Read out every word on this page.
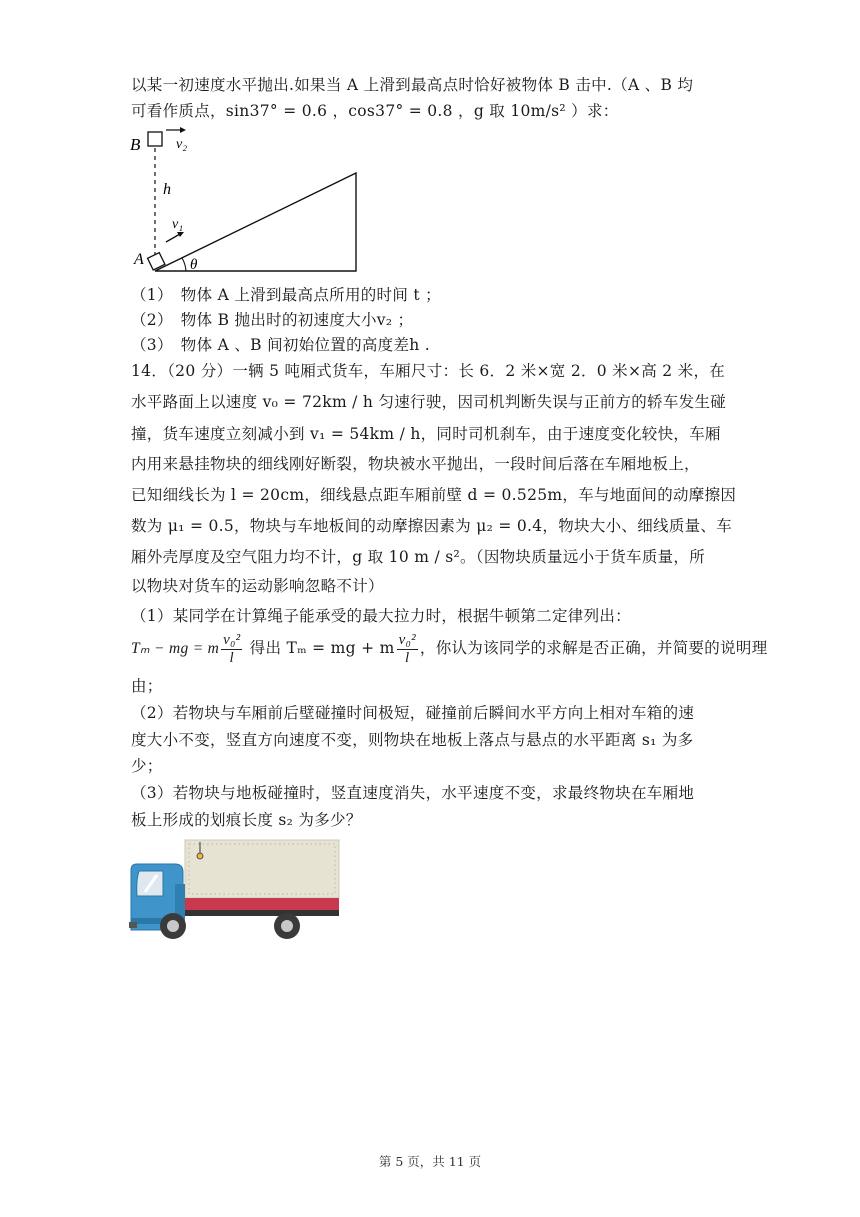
以某一初速度水平抛出.如果当 A 上滑到最高点时恰好被物体 B 击中.（A 、B 均
可看作质点，sin37° = 0.6 ，cos37° = 0.8 ，g 取 10m/s² ）求：
B	v₂
h
v₁
A	θ
（1）　物体 A 上滑到最高点所用的时间 t ；
（2）　物体 B 抛出时的初速度大小v₂ ；
（3）　物体 A 、B 间初始位置的高度差h .
14．（20 分）一辆 5 吨厢式货车，车厢尺寸：长 6．2 米×宽 2．0 米×高 2 米，在
水平路面上以速度 v₀ = 72km / h 匀速行驶，因司机判断失误与正前方的轿车发生碰
撞，货车速度立刻减小到 v₁ = 54km / h，同时司机刹车，由于速度变化较快，车厢
内用来悬挂物块的细线刚好断裂，物块被水平抛出，一段时间后落在车厢地板上，
已知细线长为 l = 20cm，细线悬点距车厢前壁 d = 0.525m，车与地面间的动摩擦因
数为 μ₁ = 0.5，物块与车地板间的动摩擦因素为 μ₂ = 0.4，物块大小、细线质量、车
厢外壳厚度及空气阻力均不计，g 取 10 m / s²。（因物块质量远小于货车质量，所
以物块对货车的运动影响忽略不计）
（1）某同学在计算绳子能承受的最大拉力时，根据牛顿第二定律列出：
Tₘ − mg = m $\frac{\text{v₀²}}{l}$ 得出 Tₘ = mg + m $\frac{\text{v₀²}}{l}$ ，你认为该同学的求解是否正确，并简要的说明理
由；
（2）若物块与车厢前后壁碰撞时间极短，碰撞前后瞬间水平方向上相对车箱的速
度大小不变，竖直方向速度不变，则物块在地板上落点与悬点的水平距离 s₁ 为多
少；
（3）若物块与地板碰撞时，竖直速度消失，水平速度不变，求最终物块在车厢地
板上形成的划痕长度 s₂ 为多少？
第 5 页，共 11 页
